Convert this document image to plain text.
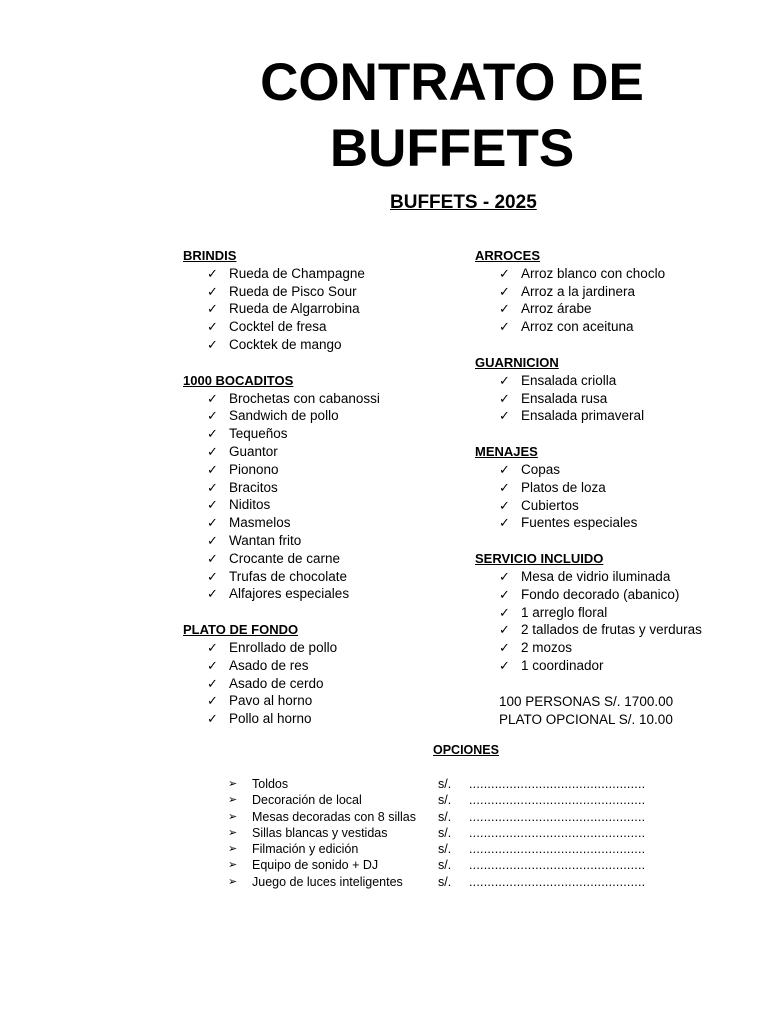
CONTRATO DE
BUFFETS
BUFFETS - 2025
BRINDIS
✓ Rueda de Champagne
✓ Rueda de Pisco Sour
✓ Rueda de Algarrobina
✓ Cocktel de fresa
✓ Cocktek de mango
1000 BOCADITOS
✓ Brochetas con cabanossi
✓ Sandwich de pollo
✓ Tequeños
✓ Guantor
✓ Pionono
✓ Bracitos
✓ Niditos
✓ Masmelos
✓ Wantan frito
✓ Crocante de carne
✓ Trufas de chocolate
✓ Alfajores especiales
PLATO DE FONDO
✓ Enrollado de pollo
✓ Asado de res
✓ Asado de cerdo
✓ Pavo al horno
✓ Pollo al horno
ARROCES
✓ Arroz blanco con choclo
✓ Arroz a la jardinera
✓ Arroz árabe
✓ Arroz con aceituna
GUARNICION
✓ Ensalada criolla
✓ Ensalada rusa
✓ Ensalada primaveral
MENAJES
✓ Copas
✓ Platos de loza
✓ Cubiertos
✓ Fuentes especiales
SERVICIO INCLUIDO
✓ Mesa de vidrio iluminada
✓ Fondo decorado (abanico)
✓ 1 arreglo floral
✓ 2 tallados de frutas y verduras
✓ 2 mozos
✓ 1 coordinador
100 PERSONAS S/. 1700.00
PLATO OPCIONAL S/. 10.00
OPCIONES
➢ Toldos	s/. ................................................
➢ Decoración de local	s/. ................................................
➢ Mesas decoradas con 8 sillas s/. ................................................
➢ Sillas blancas y vestidas	s/. ................................................
➢ Filmación y edición	s/. ................................................
➢ Equipo de sonido + DJ	s/. ................................................
➢ Juego de luces inteligentes	s/. ................................................
